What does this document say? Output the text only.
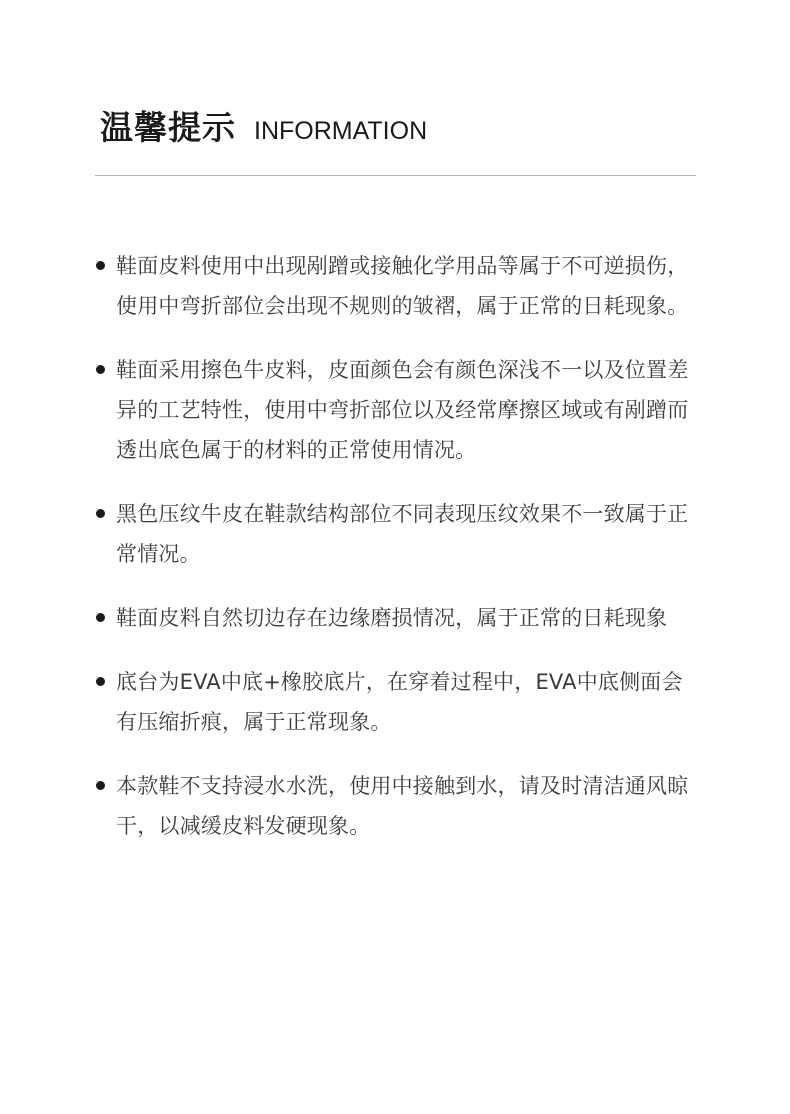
温馨提示 INFORMATION
鞋面皮料使用中出现剐蹭或接触化学用品等属于不可逆损伤，使用中弯折部位会出现不规则的皱褶，属于正常的日耗现象。
鞋面采用擦色牛皮料，皮面颜色会有颜色深浅不一以及位置差异的工艺特性，使用中弯折部位以及经常摩擦区域或有剐蹭而透出底色属于的材料的正常使用情况。
黑色压纹牛皮在鞋款结构部位不同表现压纹效果不一致属于正常情况。
鞋面皮料自然切边存在边缘磨损情况，属于正常的日耗现象
底台为EVA中底+橡胶底片，在穿着过程中，EVA中底侧面会有压缩折痕，属于正常现象。
本款鞋不支持浸水水洗，使用中接触到水，请及时清洁通风晾干，以减缓皮料发硬现象。
